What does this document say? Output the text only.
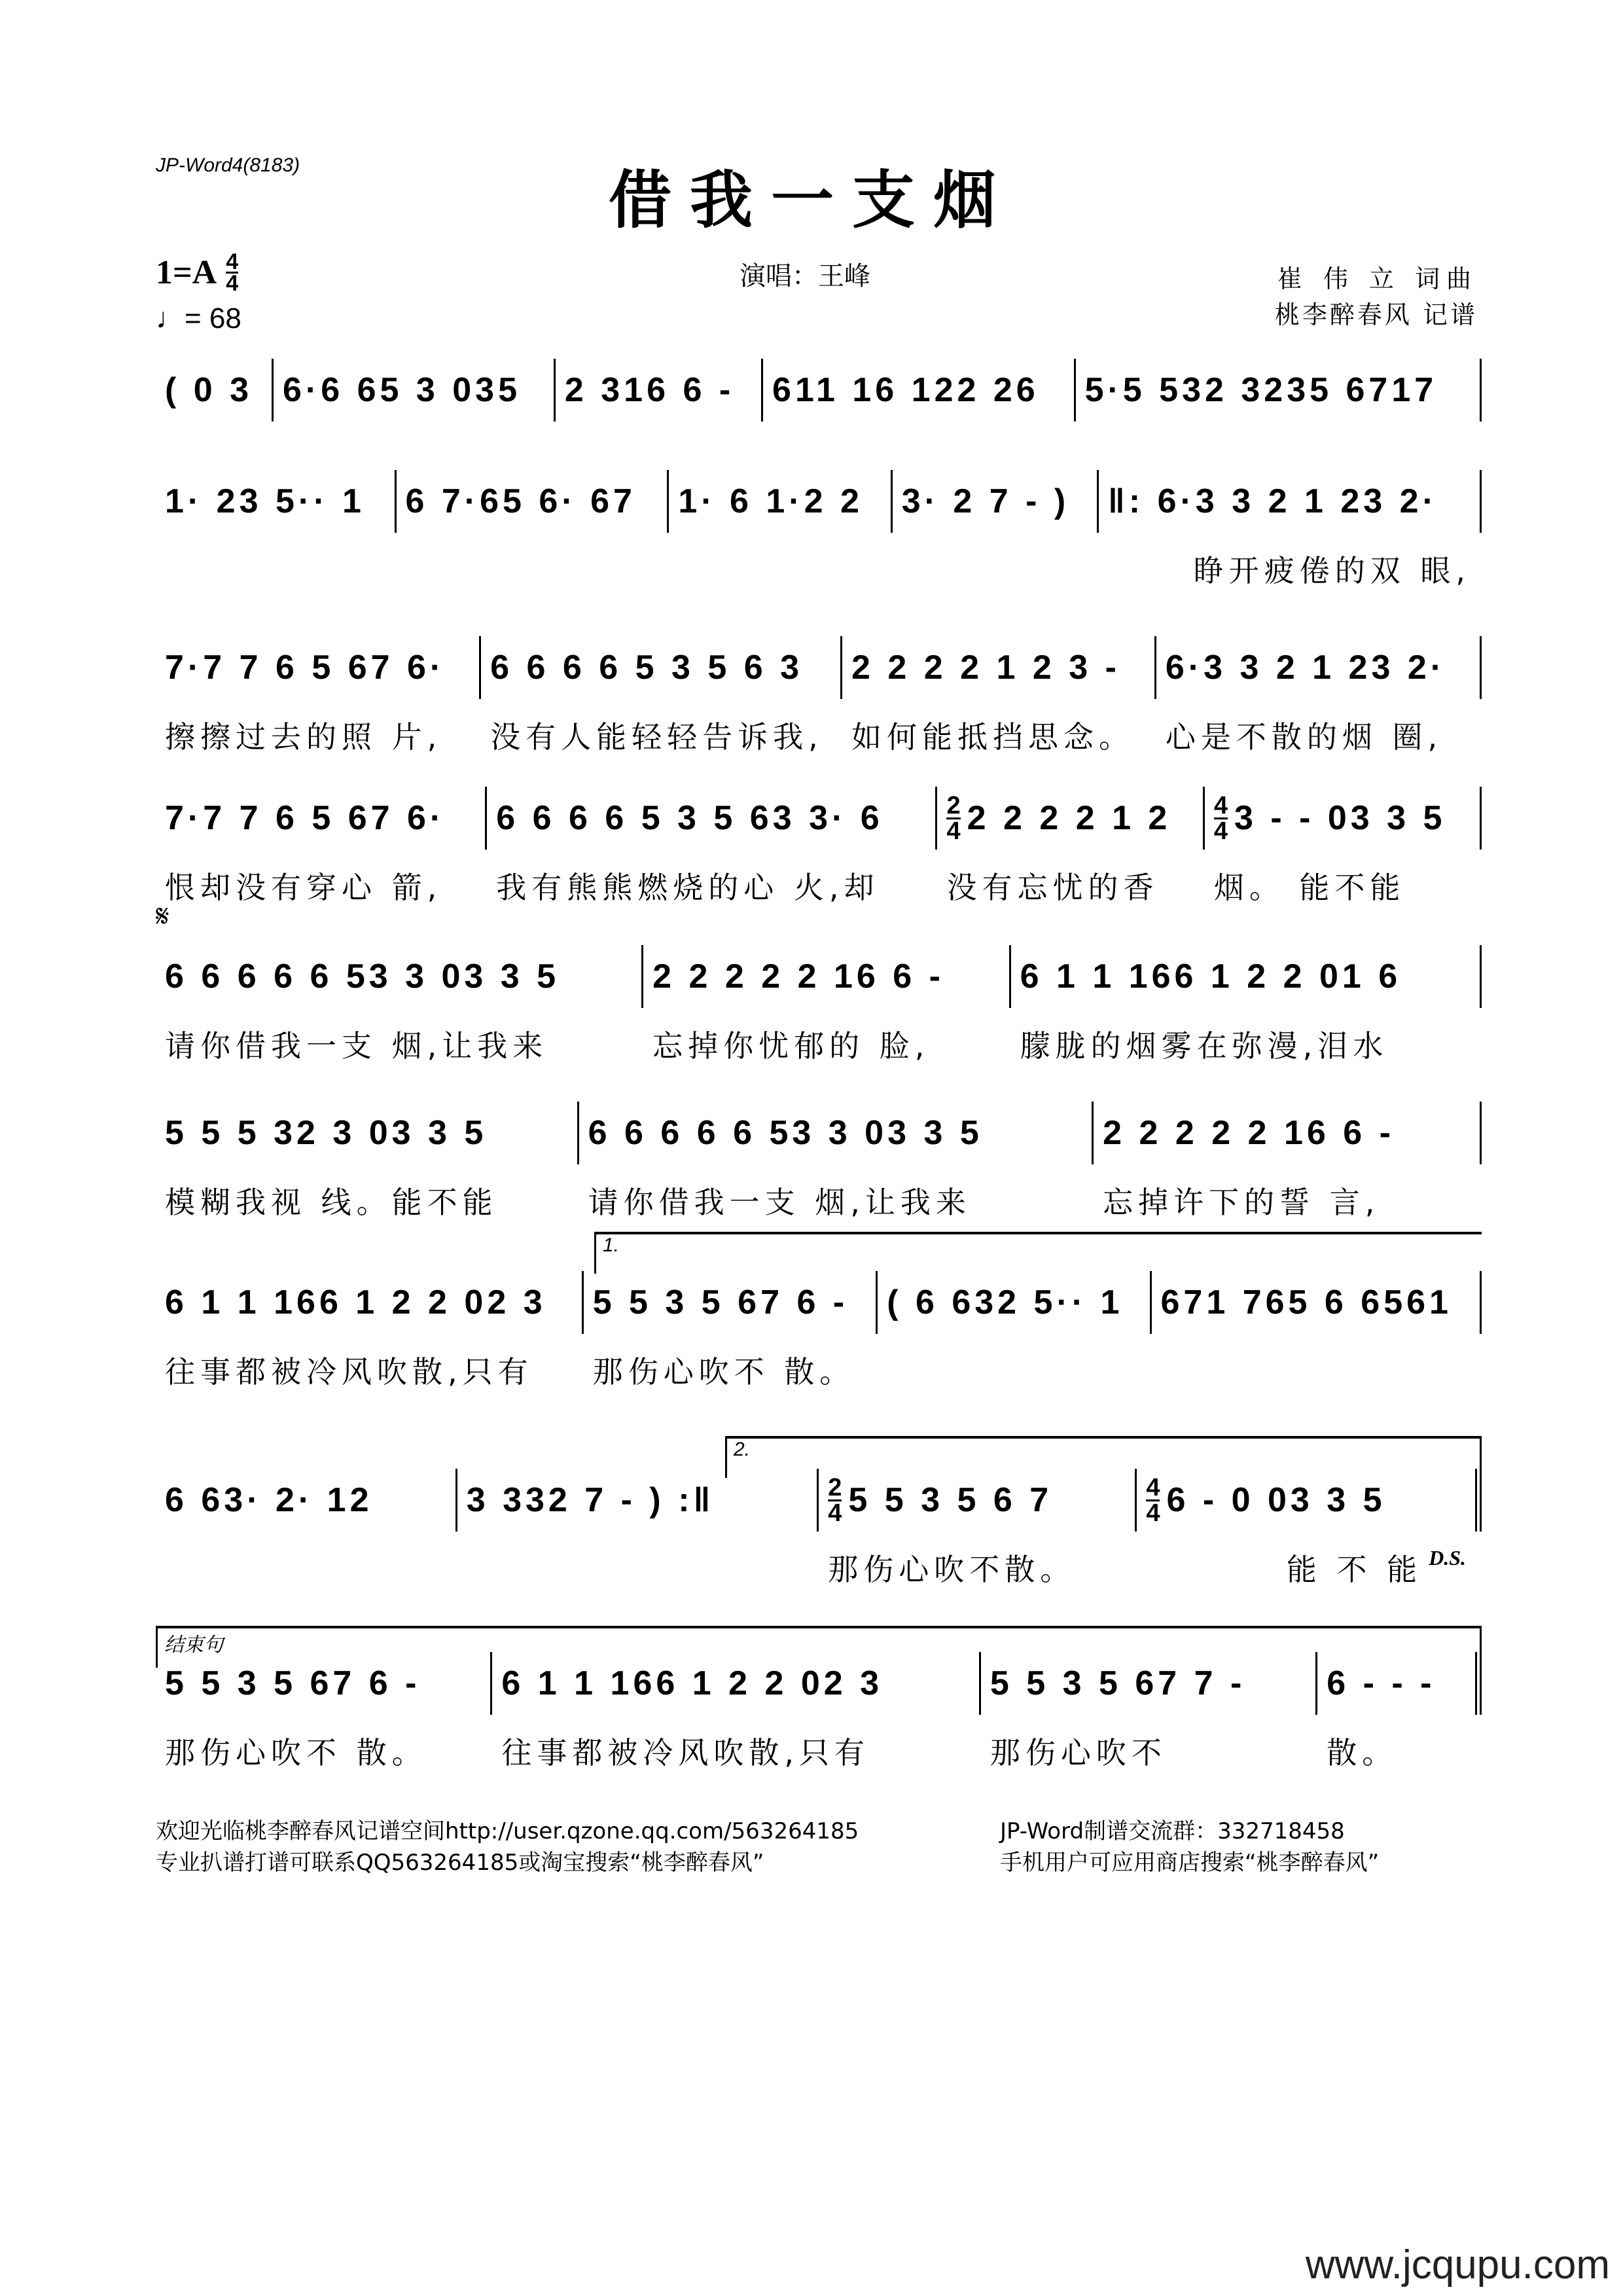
JP-Word4(8183)	借我一支烟
$1=A \frac{4}{4}$
♩= 68
演唱：王峰	崔 伟 立 词曲
桃李醉春风 记谱
( 0 3 6·6 65 3 035	2 316 6 -	611 16 122 26	5·5 532 3235 6717
1· 23 5·· 1	6 7·65 6· 67	1· 6 1·2 2	3· 2 7 - )	‖: 6·3 3 2 1 23 2·
睁开疲倦的双 眼,
7·7 7 6 5 67 6·
擦擦过去的照 片,
6 6 6 6 5 3 5 6 3
没有人能轻轻告诉我,
2 2 2 2 1 2 3 -
如何能抵挡思念。
6·3 3 2 1 23 2·
心是不散的烟 圈,
7·7 7 6 5 67 6·
恨却没有穿心 箭,
6 6 6 6 5 3 5 63 3· 6
我有熊熊燃烧的心 火,却
2
4 2 2 2 2 1 2
没有忘忧的香
4
4 3 - - 03 3 5
烟。 能不能
𝄋
6 6 6 6 6 53 3 03 3 5
请你借我一支 烟,让我来
2 2 2 2 2 16 6 -
忘掉你忧郁的 脸,
6 1 1 166 1 2 2 01 6
朦胧的烟雾在弥漫,泪水
5 5 5 32 3 03 3 5
模糊我视 线。能不能
6 6 6 6 6 53 3 03 3 5
请你借我一支 烟,让我来
2 2 2 2 2 16 6 -
忘掉许下的誓 言,
1.
6 1 1 166 1 2 2 02 3
往事都被冷风吹散,只有
5 5 3 5 67 6 -
那伤心吹不 散。
( 6 632 5·· 1	671 765 6 6561
2.
6 63· 2· 12	3 332 7 - ) :‖	2
4 5 5 3 5 6 7
那伤心吹不散。
4
4 6 - 0 03 3 5
能 不 能 D.S.
结束句
5 5 3 5 67 6 -
那伤心吹不 散。
6 1 1 166 1 2 2 02 3
往事都被冷风吹散,只有
5 5 3 5 67 7 -
那伤心吹不
6 - - -
散。
欢迎光临桃李醉春风记谱空间http://user.qzone.qq.com/563264185	JP-Word制谱交流群：332718458
专业扒谱打谱可联系QQ563264185或淘宝搜索“桃李醉春风”	手机用户可应用商店搜索“桃李醉春风”
www.jcqupu.com
